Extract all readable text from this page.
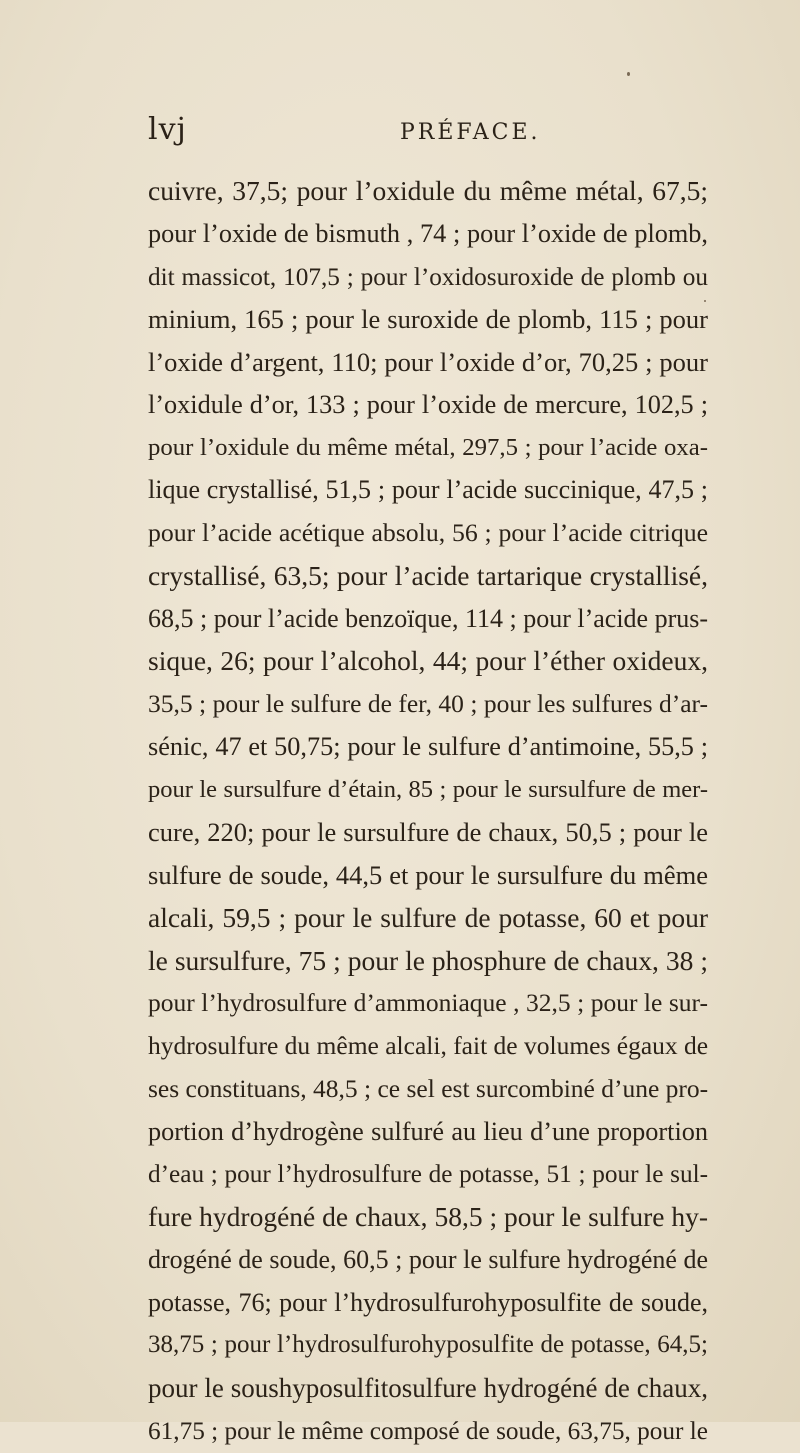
lvj	PRÉFACE.
cuivre, 37,5; pour l’oxidule du même métal, 67,5;
pour l’oxide de bismuth , 74 ; pour l’oxide de plomb,
dit massicot, 107,5 ; pour l’oxidosuroxide de plomb ou
minium, 165 ; pour le suroxide de plomb, 115 ; pour
l’oxide d’argent, 110; pour l’oxide d’or, 70,25 ; pour
l’oxidule d’or, 133 ; pour l’oxide de mercure, 102,5 ;
pour l’oxidule du même métal, 297,5 ; pour l’acide oxa-
lique crystallisé, 51,5 ; pour l’acide succinique, 47,5 ;
pour l’acide acétique absolu, 56 ; pour l’acide citrique
crystallisé, 63,5; pour l’acide tartarique crystallisé,
68,5 ; pour l’acide benzoïque, 114 ; pour l’acide prus-
sique, 26; pour l’alcohol, 44; pour l’éther oxideux,
35,5 ; pour le sulfure de fer, 40 ; pour les sulfures d’ar-
sénic, 47 et 50,75; pour le sulfure d’antimoine, 55,5 ;
pour le sursulfure d’étain, 85 ; pour le sursulfure de mer-
cure, 220; pour le sursulfure de chaux, 50,5 ; pour le
sulfure de soude, 44,5 et pour le sursulfure du même
alcali, 59,5 ; pour le sulfure de potasse, 60 et pour
le sursulfure, 75 ; pour le phosphure de chaux, 38 ;
pour l’hydrosulfure d’ammoniaque , 32,5 ; pour le sur-
hydrosulfure du même alcali, fait de volumes égaux de
ses constituans, 48,5 ; ce sel est surcombiné d’une pro-
portion d’hydrogène sulfuré au lieu d’une proportion
d’eau ; pour l’hydrosulfure de potasse, 51 ; pour le sul-
fure hydrogéné de chaux, 58,5 ; pour le sulfure hy-
drogéné de soude, 60,5 ; pour le sulfure hydrogéné de
potasse, 76; pour l’hydrosulfurohyposulfite de soude,
38,75 ; pour l’hydrosulfurohyposulfite de potasse, 64,5;
pour le soushyposulfitosulfure hydrogéné de chaux,
61,75 ; pour le même composé de soude, 63,75, pour le
